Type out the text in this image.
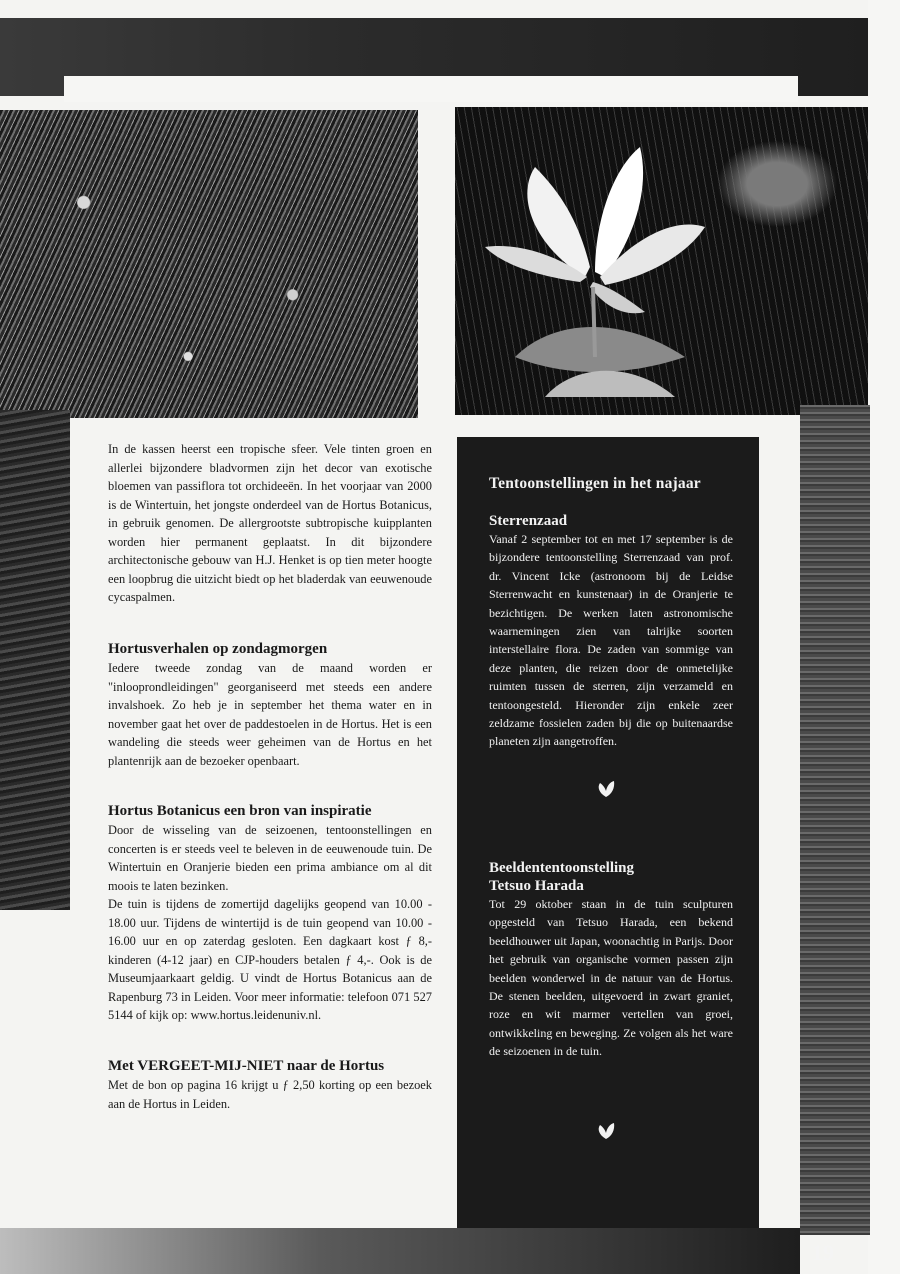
In de kassen heerst een tropische sfeer. Vele tinten groen en allerlei bijzondere bladvormen zijn het decor van exotische bloemen van passiflora tot orchideeën. In het voorjaar van 2000 is de Wintertuin, het jongste onderdeel van de Hortus Botanicus, in gebruik genomen. De allergrootste subtropische kuipplanten worden hier permanent geplaatst. In dit bijzondere architectonische gebouw van H.J. Henket is op tien meter hoogte een loopbrug die uitzicht biedt op het bladerdak van eeuwenoude cycaspalmen.

Hortusverhalen op zondagmorgen

Iedere tweede zondag van de maand worden er "inlooprondleidingen" georganiseerd met steeds een andere invalshoek. Zo heb je in september het thema water en in november gaat het over de paddestoelen in de Hortus. Het is een wandeling die steeds weer geheimen van de Hortus en het plantenrijk aan de bezoeker openbaart.

Hortus Botanicus een bron van inspiratie

Door de wisseling van de seizoenen, tentoonstellingen en concerten is er steeds veel te beleven in de eeuwenoude tuin. De Wintertuin en Oranjerie bieden een prima ambiance om al dit moois te laten bezinken.

De tuin is tijdens de zomertijd dagelijks geopend van 10.00 - 18.00 uur. Tijdens de wintertijd is de tuin geopend van 10.00 - 16.00 uur en op zaterdag gesloten. Een dagkaart kost ƒ 8,- kinderen (4-12 jaar) en CJP-houders betalen ƒ 4,-. Ook is de Museumjaarkaart geldig. U vindt de Hortus Botanicus aan de Rapenburg 73 in Leiden. Voor meer informatie: telefoon 071 527 5144 of kijk op: www.hortus.leidenuniv.nl.

Met VERGEET-MIJ-NIET naar de Hortus

Met de bon op pagina 16 krijgt u ƒ 2,50 korting op een bezoek aan de Hortus in Leiden.

Tentoonstellingen in het najaar
Sterrenzaad

Vanaf 2 september tot en met 17 september is de bijzondere tentoonstelling Sterrenzaad van prof. dr. Vincent Icke (astronoom bij de Leidse Sterrenwacht en kunstenaar) in de Oranjerie te bezichtigen. De werken laten astronomische waarnemingen zien van talrijke soorten interstellaire flora. De zaden van sommige van deze planten, die reizen door de onmetelijke ruimten tussen de sterren, zijn verzameld en tentoongesteld. Hieronder zijn enkele zeer zeldzame fossielen zaden bij die op buitenaardse planeten zijn aangetroffen.

Beeldententoonstelling
Tetsuo Harada

Tot 29 oktober staan in de tuin sculpturen opgesteld van Tetsuo Harada, een bekend beeldhouwer uit Japan, woonachtig in Parijs. Door het gebruik van organische vormen passen zijn beelden wonderwel in de natuur van de Hortus. De stenen beelden, uitgevoerd in zwart graniet, roze en wit marmer vertellen van groei, ontwikkeling en beweging. Ze volgen als het ware de seizoenen in de tuin.

19
